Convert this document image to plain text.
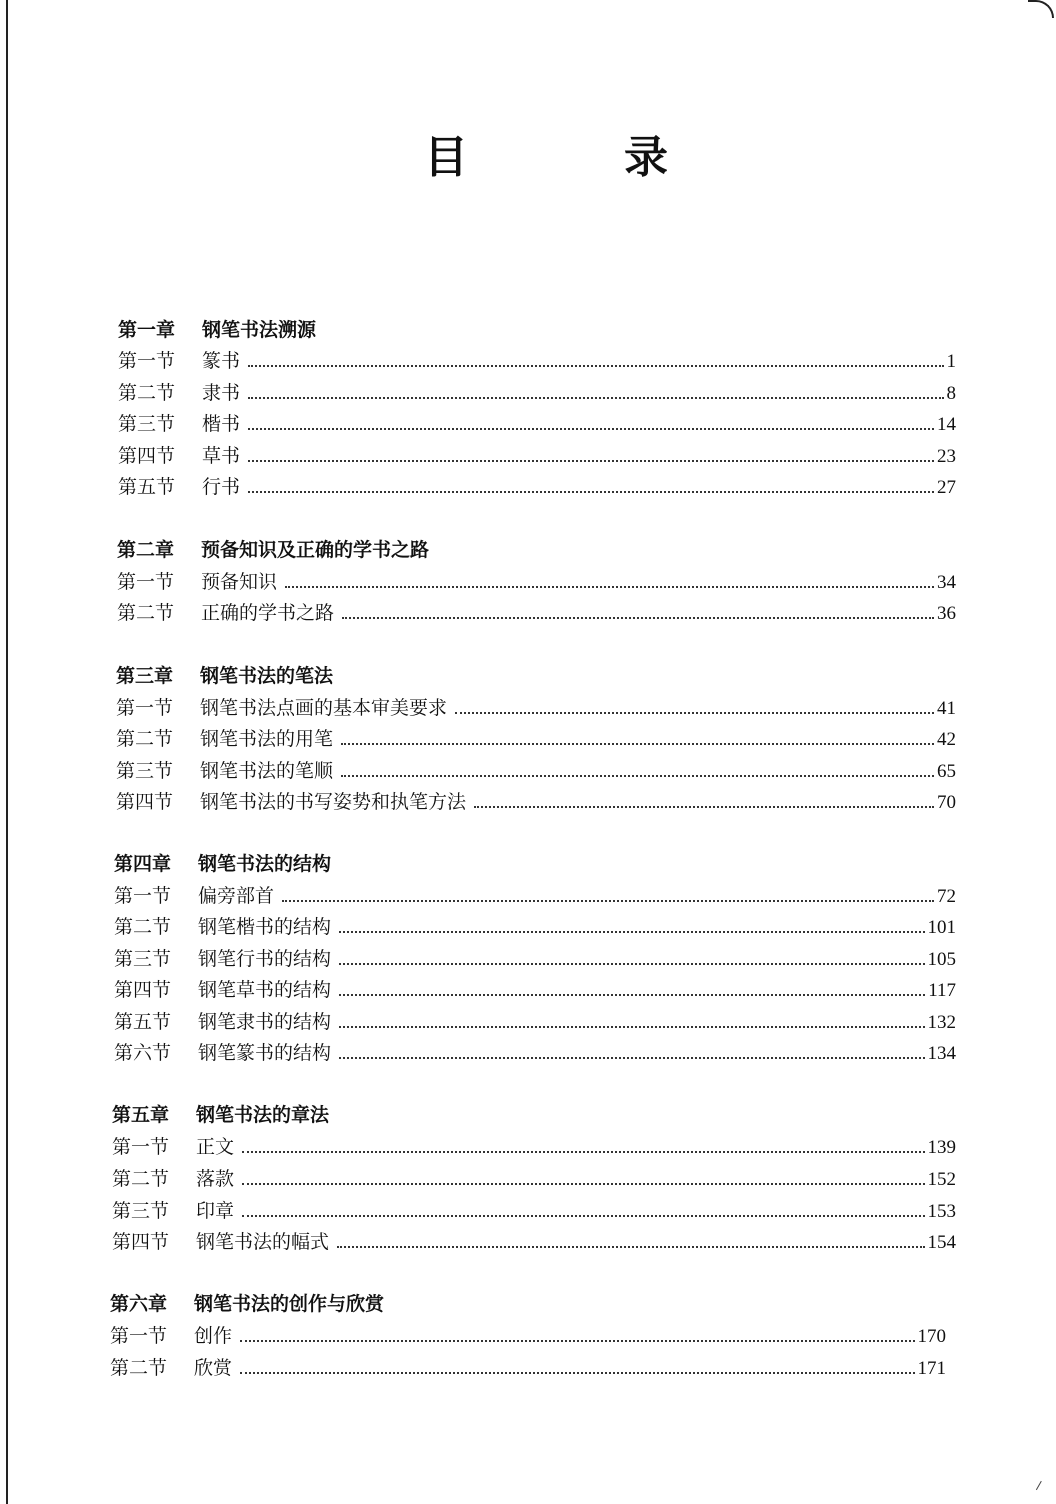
目	录
第一章 钢笔书法溯源
第一节	篆书	1
第二节	隶书	8
第三节	楷书	14
第四节	草书	23
第五节	行书	27
第二章 预备知识及正确的学书之路
第一节	预备知识	34
第二节	正确的学书之路	36
第三章 钢笔书法的笔法
第一节	钢笔书法点画的基本审美要求	41
第二节	钢笔书法的用笔	42
第三节	钢笔书法的笔顺	65
第四节	钢笔书法的书写姿势和执笔方法	70
第四章 钢笔书法的结构
第一节	偏旁部首	72
第二节	钢笔楷书的结构	101
第三节	钢笔行书的结构	105
第四节	钢笔草书的结构	117
第五节	钢笔隶书的结构	132
第六节	钢笔篆书的结构	134
第五章 钢笔书法的章法
第一节	正文	139
第二节	落款	152
第三节	印章	153
第四节	钢笔书法的幅式	154
第六章 钢笔书法的创作与欣赏
第一节	创作	170
第二节	欣赏	171
